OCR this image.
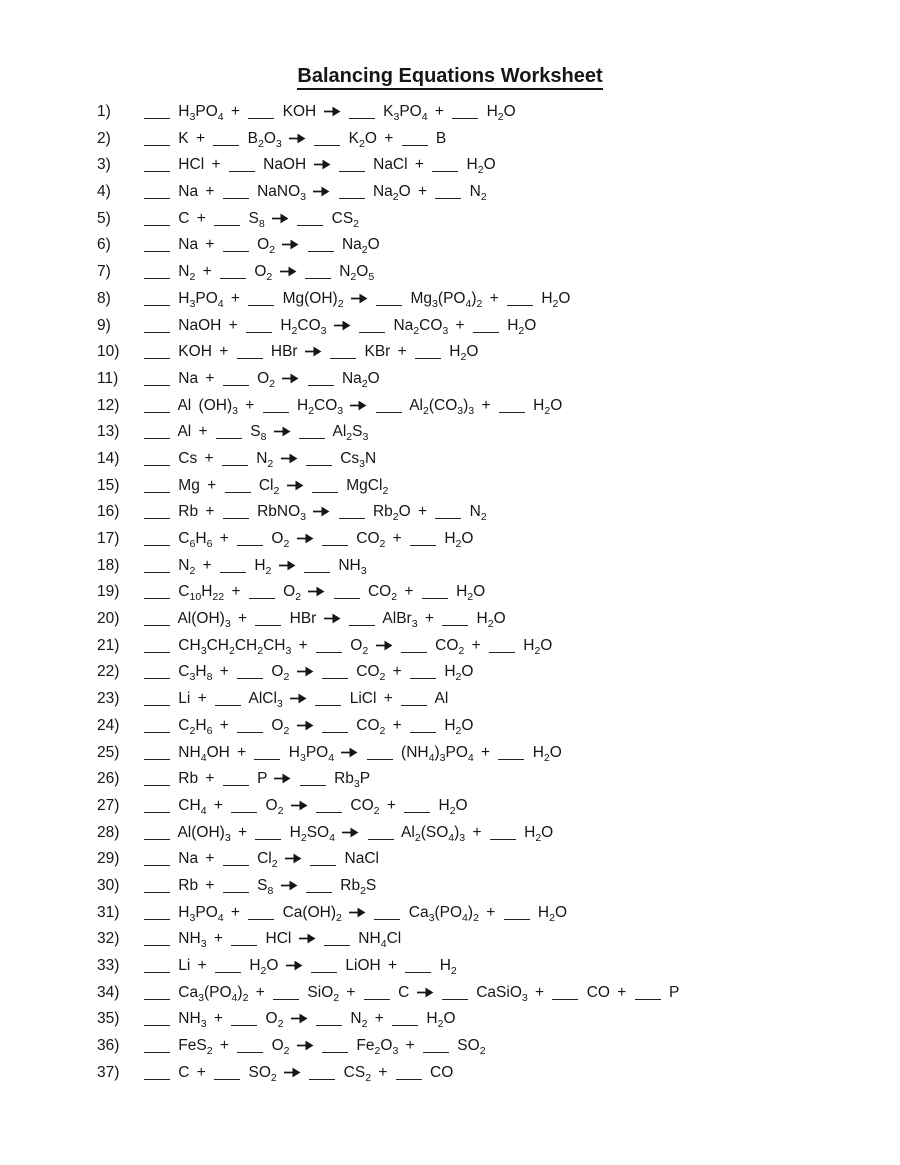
Balancing Equations Worksheet
1)	$H_3PO_4$ +  KOH	$K_3PO_4 + H_2O$
2)	$K + B_2O_3$	$K_2O + B$
3)	HCl +  NaOH	NaCl +  $H_2O$
4)	Na +  NaNO$_3$	$Na_2O + N_2$
5)	$C + S_8$	$CS_2$
6)	$Na + O_2$	$Na_2O$
7)	$N_2 + O_2$	$N_2O_5$
8)	$H_3PO_4 + Mg(OH)_2$	$Mg_3(PO_4)_2 + H_2O$
9)	NaOH +  $H_2CO_3$	$Na_2CO_3 + H_2O$
10)	KOH +  HBr	KBr +  $H_2O$
11)	$Na + O_2$	$Na_2O$
12)	Al $(OH)_3 + H_2CO_3$	$Al_2(CO_3)_3 + H_2O$
13)	$Al + S_8$	$Al_2S_3$
14)	$Cs + N_2$	$Cs_3N$
15)	$Mg + Cl_2$	MgCl$_2$
16)	Rb +  RbNO$_3$	$Rb_2O + N_2$
17)	$C_6H_6 + O_2$	$CO_2 + H_2O$
18)	$N_2 + H_2$	$NH_3$
19)	$C_{10}H_{22} + O_2$	$CO_2 + H_2O$
20)	$Al(OH)_3$ +  HBr	AlBr$_3$ +  $H_2O$
21)	$CH_3CH_2CH_2CH_3 + O_2$	$CO_2 + H_2O$
22)	$C_3H_8 + O_2$	$CO_2 + H_2O$
23)	Li +  AlCl$_3$	LiCl +  Al
24)	$C_2H_6 + O_2$	$CO_2 + H_2O$
25)	$NH_4OH + H_3PO_4$	$(NH_4)_3PO_4 + H_2O$
26)	Rb +  P	$Rb_3P$
27)	$CH_4 + O_2$	$CO_2 + H_2O$
28)	$Al(OH)_3 + H_2SO_4$	$Al_2(SO_4)_3 + H_2O$
29)	$Na + Cl_2$	NaCl
30)	$Rb + S_8$	$Rb_2S$
31)	$H_3PO_4 + Ca(OH)_2$	$Ca_3(PO_4)_2 + H_2O$
32)	$NH_3$ +  HCl	$NH_4Cl$
33)	$Li + H_2O$	LiOH +  $H_2$
34)	$Ca_3(PO_4)_2 + SiO_2 + C$	CaSiO$_3$ +  CO +  P
35)	$NH_3 + O_2$	$N_2 + H_2O$
36)	$FeS_2 + O_2$	$Fe_2O_3 + SO_2$
37)	$C + SO_2$	$CS_2$ +  CO
